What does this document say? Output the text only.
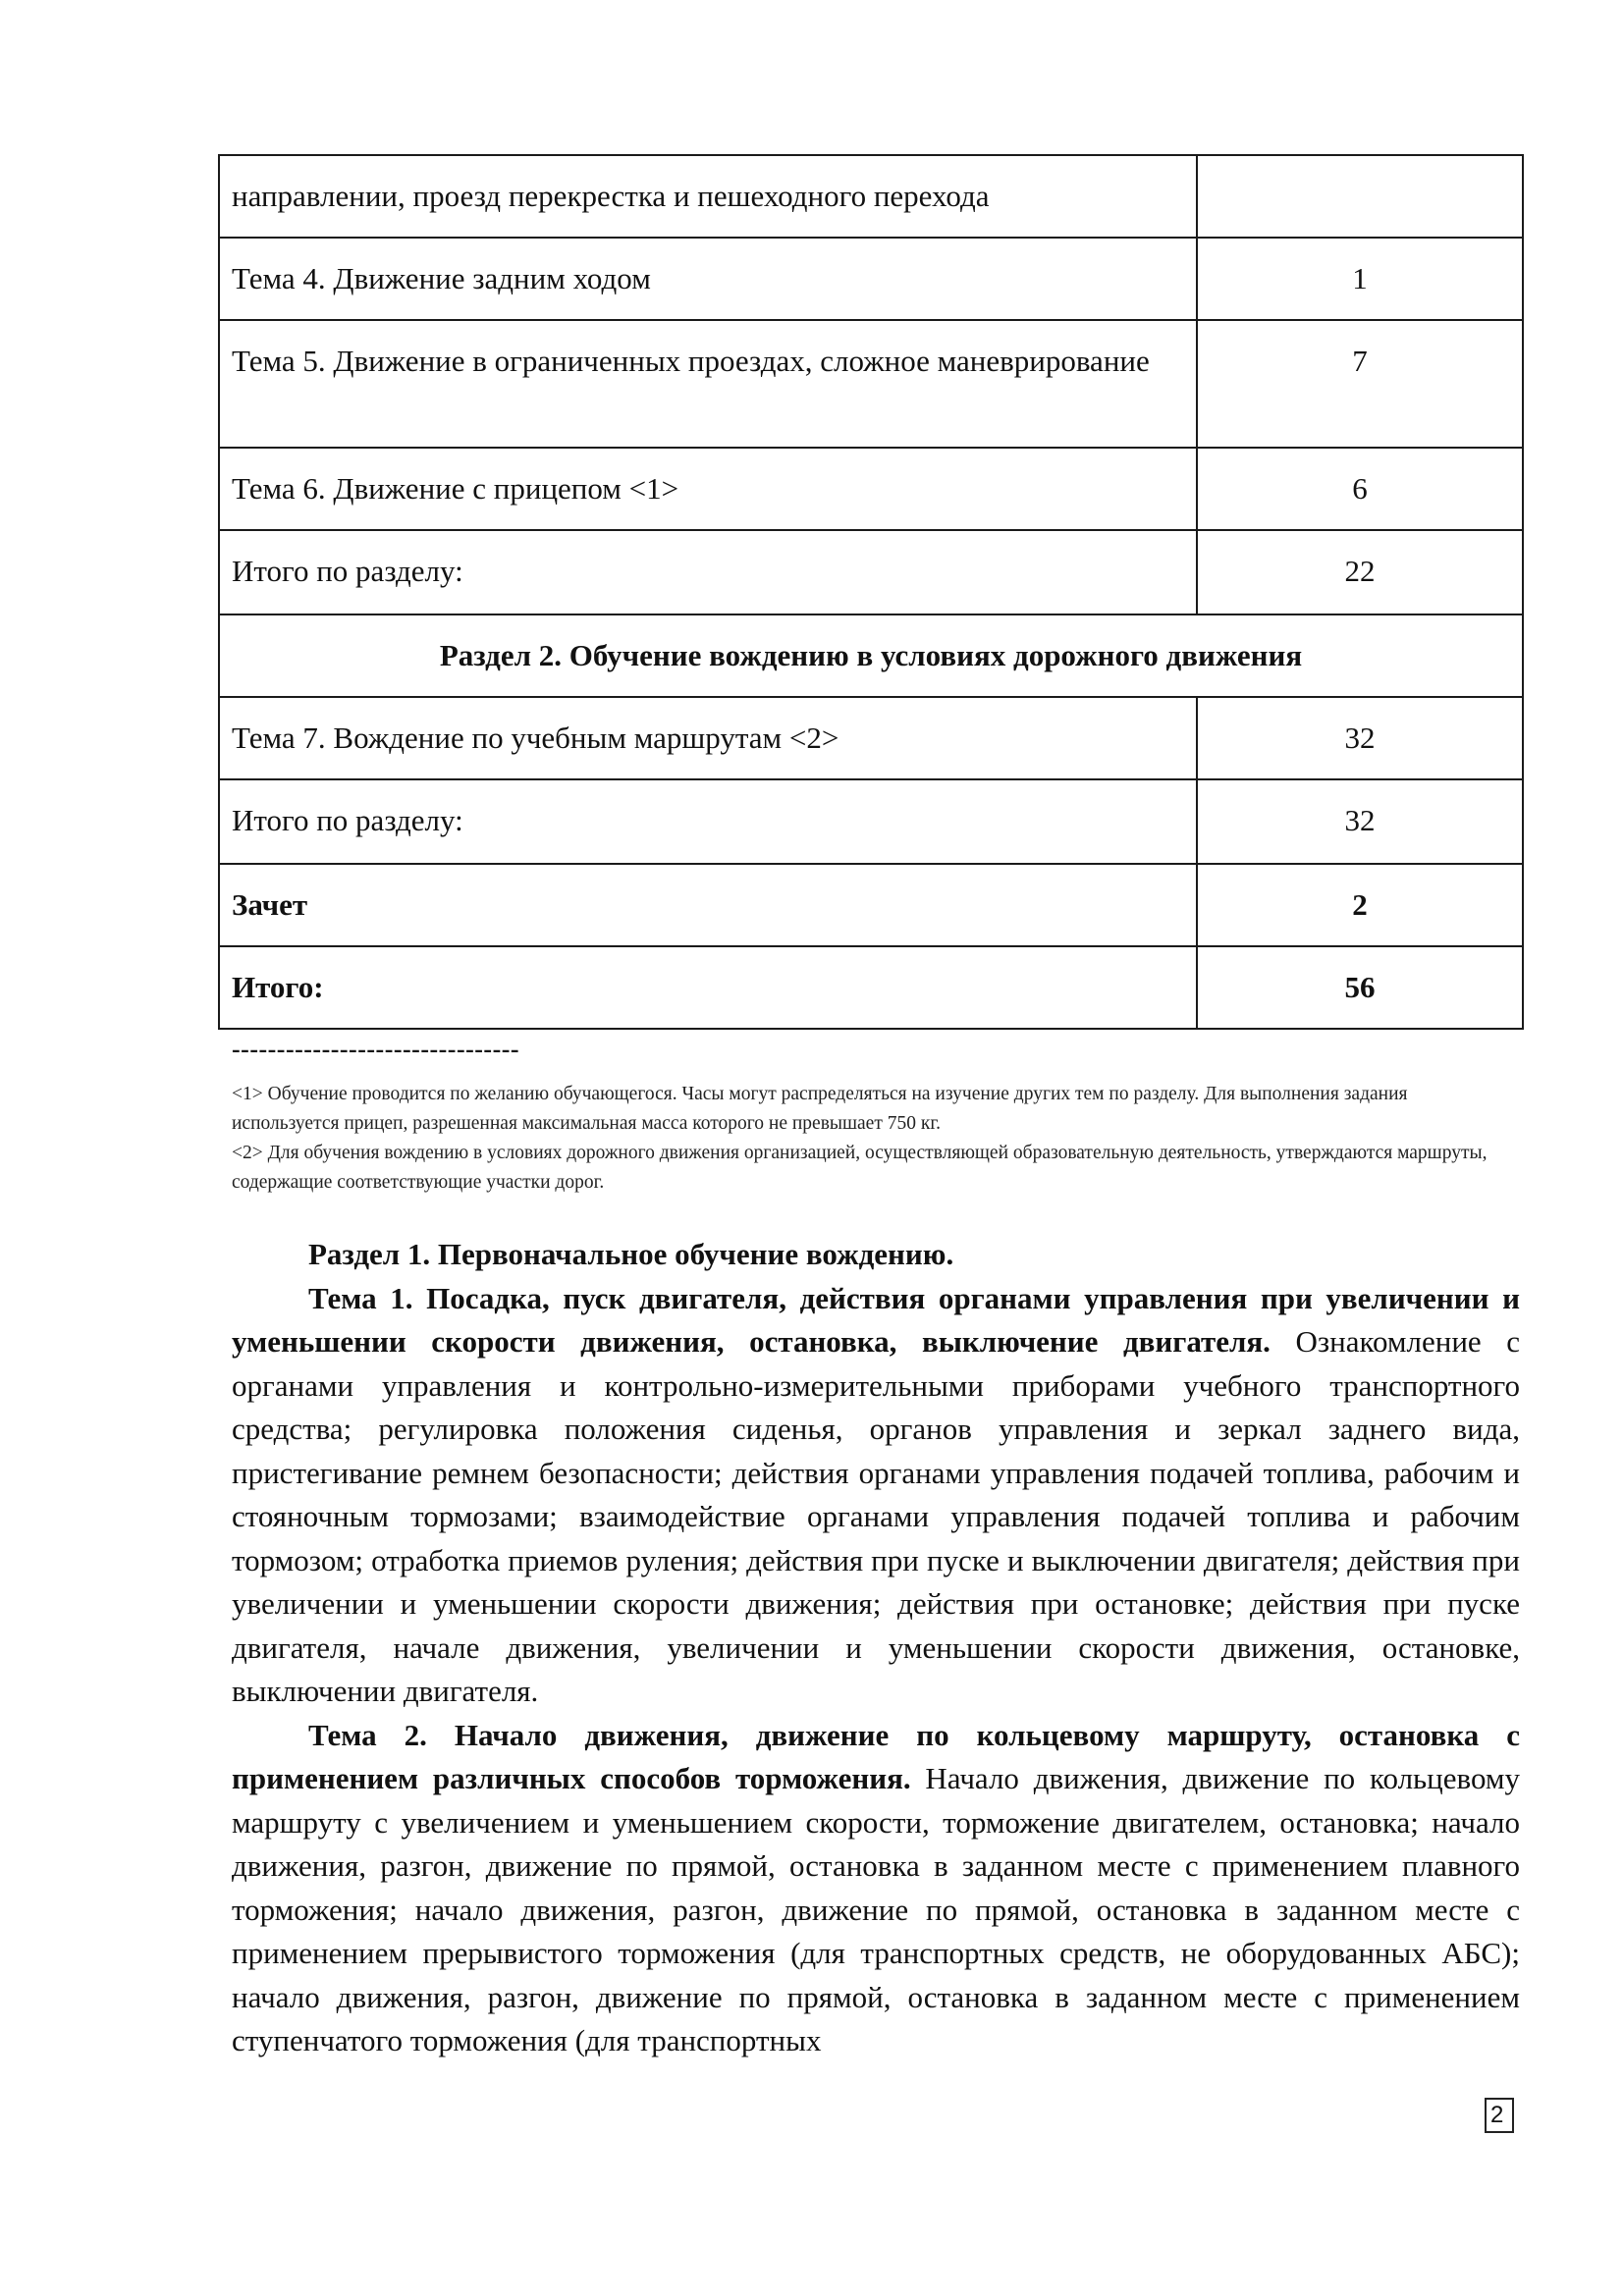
направлении, проезд перекрестка и пешеходного перехода	
Тема 4. Движение задним ходом	1
Тема 5. Движение в ограниченных проездах, сложное маневрирование	7
Тема 6. Движение с прицепом <1>	6
Итого по разделу:	22
Раздел 2. Обучение вождению в условиях дорожного движения	
Тема 7. Вождение по учебным маршрутам <2>	32
Итого по разделу:	32
Зачет	2
Итого:	56
--------------------------------

<1> Обучение проводится по желанию обучающегося. Часы могут распределяться на изучение других тем по разделу. Для выполнения задания используется прицеп, разрешенная максимальная масса которого не превышает 750 кг.

<2> Для обучения вождению в условиях дорожного движения организацией, осуществляющей образовательную деятельность, утверждаются маршруты, содержащие соответствующие участки дорог.

Раздел 1. Первоначальное обучение вождению.

Тема 1. Посадка, пуск двигателя, действия органами управления при увеличении и уменьшении скорости движения, остановка, выключение двигателя. Ознакомление с органами управления и контрольно-измерительными приборами учебного транспортного средства; регулировка положения сиденья, органов управления и зеркал заднего вида, пристегивание ремнем безопасности; действия органами управления подачей топлива, рабочим и стояночным тормозами; взаимодействие органами управления подачей топлива и рабочим тормозом; отработка приемов руления; действия при пуске и выключении двигателя; действия при увеличении и уменьшении скорости движения; действия при остановке; действия при пуске двигателя, начале движения, увеличении и уменьшении скорости движения, остановке, выключении двигателя.

Тема 2. Начало движения, движение по кольцевому маршруту, остановка с применением различных способов торможения. Начало движения, движение по кольцевому маршруту с увеличением и уменьшением скорости, торможение двигателем, остановка; начало движения, разгон, движение по прямой, остановка в заданном месте с применением плавного торможения; начало движения, разгон, движение по прямой, остановка в заданном месте с применением прерывистого торможения (для транспортных средств, не оборудованных АБС); начало движения, разгон, движение по прямой, остановка в заданном месте с применением ступенчатого торможения (для транспортных

2
